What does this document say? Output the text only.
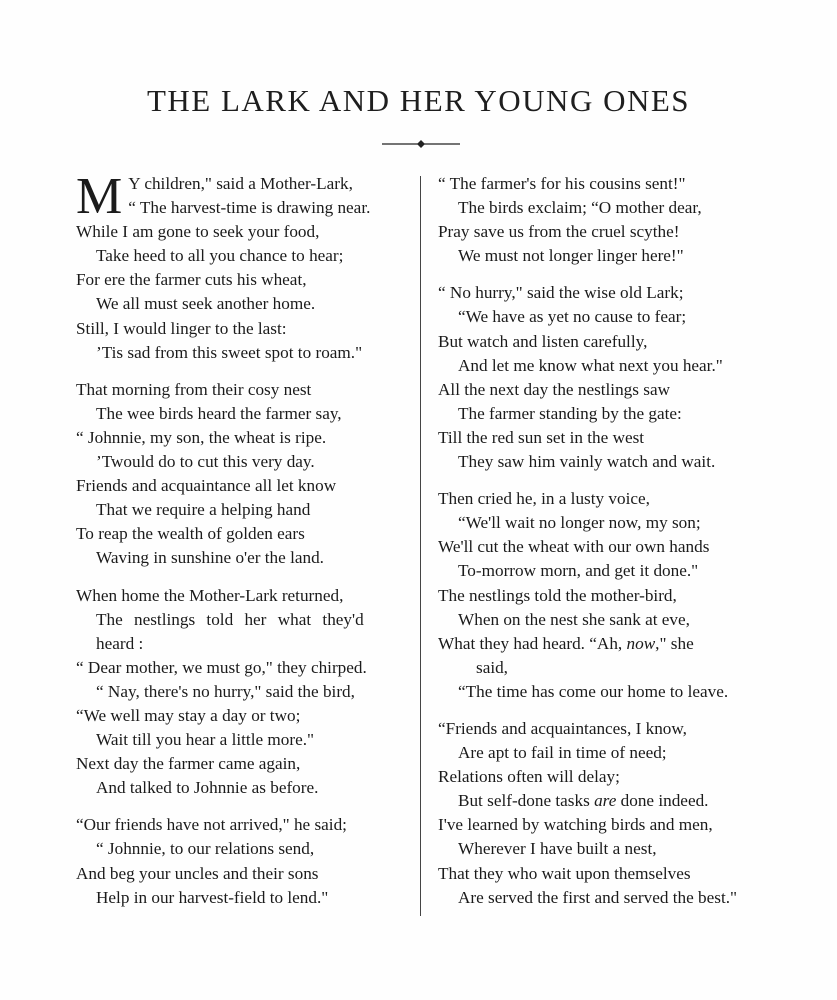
THE LARK AND HER YOUNG ONES
M Y children," said a Mother-Lark,
“ The harvest-time is drawing near.
While I am gone to seek your food,
Take heed to all you chance to hear;
For ere the farmer cuts his wheat,
We all must seek another home.
Still, I would linger to the last:
’Tis sad from this sweet spot to roam."
That morning from their cosy nest
The wee birds heard the farmer say,
“ Johnnie, my son, the wheat is ripe.
’Twould do to cut this very day.
Friends and acquaintance all let know
That we require a helping hand
To reap the wealth of golden ears
Waving in sunshine o'er the land.
When home the Mother-Lark returned,
The nestlings told her what they'd
heard :
“ Dear mother, we must go," they chirped.
“ Nay, there's no hurry," said the bird,
“We well may stay a day or two;
Wait till you hear a little more."
Next day the farmer came again,
And talked to Johnnie as before.
“Our friends have not arrived," he said;
“ Johnnie, to our relations send,
And beg your uncles and their sons
Help in our harvest-field to lend."
“ The farmer's for his cousins sent!"
The birds exclaim; “O mother dear,
Pray save us from the cruel scythe!
We must not longer linger here!"
“ No hurry," said the wise old Lark;
“We have as yet no cause to fear;
But watch and listen carefully,
And let me know what next you hear."
All the next day the nestlings saw
The farmer standing by the gate:
Till the red sun set in the west
They saw him vainly watch and wait.
Then cried he, in a lusty voice,
“We'll wait no longer now, my son;
We'll cut the wheat with our own hands
To-morrow morn, and get it done."
The nestlings told the mother-bird,
When on the nest she sank at eve,
What they had heard. “Ah, now," she
said,
“The time has come our home to leave.
“Friends and acquaintances, I know,
Are apt to fail in time of need;
Relations often will delay;
But self-done tasks are done indeed.
I've learned by watching birds and men,
Wherever I have built a nest,
That they who wait upon themselves
Are served the first and served the best."
